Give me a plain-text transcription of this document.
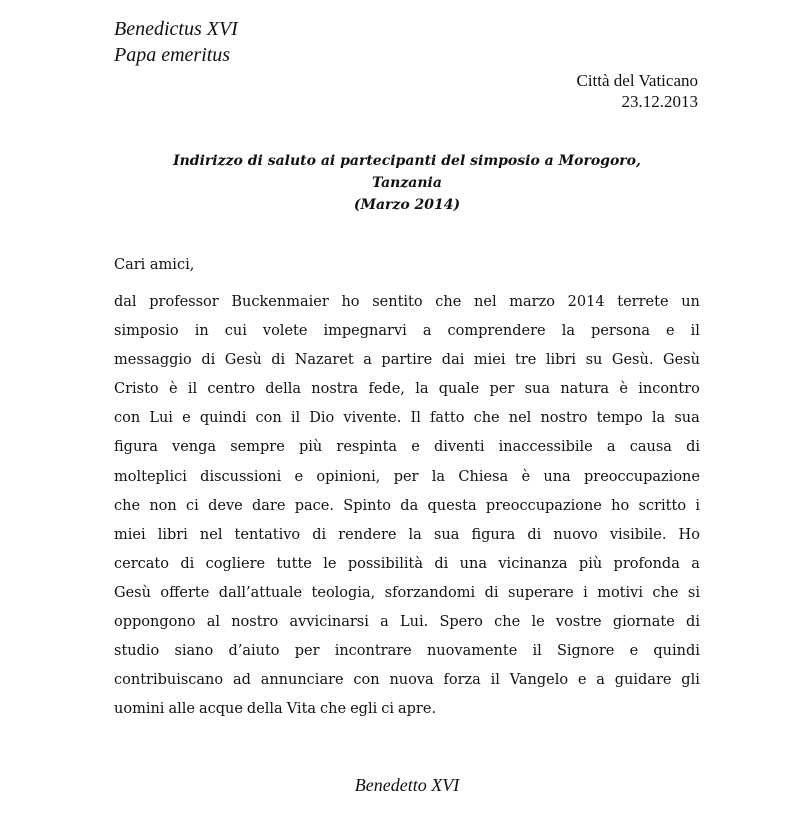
Benedictus XVI
Papa emeritus
Città del Vaticano
23.12.2013
Indirizzo di saluto ai partecipanti del simposio a Morogoro,
Tanzania
(Marzo 2014)
Cari amici,
dal professor Buckenmaier ho sentito che nel marzo 2014 terrete un
simposio in cui volete impegnarvi a comprendere la persona e il
messaggio di Gesù di Nazaret a partire dai miei tre libri su Gesù. Gesù
Cristo è il centro della nostra fede, la quale per sua natura è incontro
con Lui e quindi con il Dio vivente. Il fatto che nel nostro tempo la sua
figura venga sempre più respinta e diventi inaccessibile a causa di
molteplici discussioni e opinioni, per la Chiesa è una preoccupazione
che non ci deve dare pace. Spinto da questa preoccupazione ho scritto i
miei libri nel tentativo di rendere la sua figura di nuovo visibile. Ho
cercato di cogliere tutte le possibilità di una vicinanza più profonda a
Gesù offerte dall’attuale teologia, sforzandomi di superare i motivi che si
oppongono al nostro avvicinarsi a Lui. Spero che le vostre giornate di
studio siano d’aiuto per incontrare nuovamente il Signore e quindi
contribuiscano ad annunciare con nuova forza il Vangelo e a guidare gli
uomini alle acque della Vita che egli ci apre.
Benedetto XVI
